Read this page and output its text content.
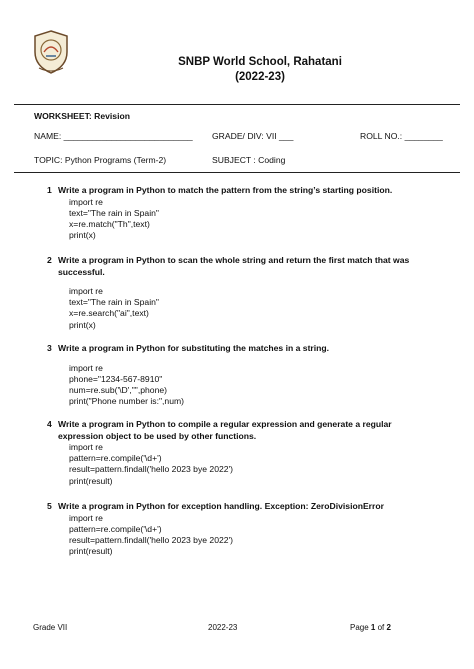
SNBP World School, Rahatani
(2022-23)
WORKSHEET: Revision
NAME: ___________________________ GRADE/ DIV: VII ___	ROLL NO.: ________
TOPIC: Python Programs (Term-2)	SUBJECT : Coding
1 Write a program in Python to match the pattern from the string’s starting position.
import re
text="The rain in Spain"
x=re.match("Th",text)
print(x)
2 Write a program in Python to scan the whole string and return the first match that was successful.
import re
text="The rain in Spain"
x=re.search("ai",text)
print(x)
3 Write a program in Python for substituting the matches in a string.
import re
phone="1234-567-8910"
num=re.sub('\D',"",phone)
print("Phone number is:",num)
4 Write a program in Python to compile a regular expression and generate a regular expression object to be used by other functions.
import re
pattern=re.compile('\d+')
result=pattern.findall('hello 2023 bye 2022')
print(result)
5 Write a program in Python for exception handling. Exception: ZeroDivisionError
import re
pattern=re.compile('\d+')
result=pattern.findall('hello 2023 bye 2022')
print(result)
Grade VII	2022-23	Page 1 of 2
